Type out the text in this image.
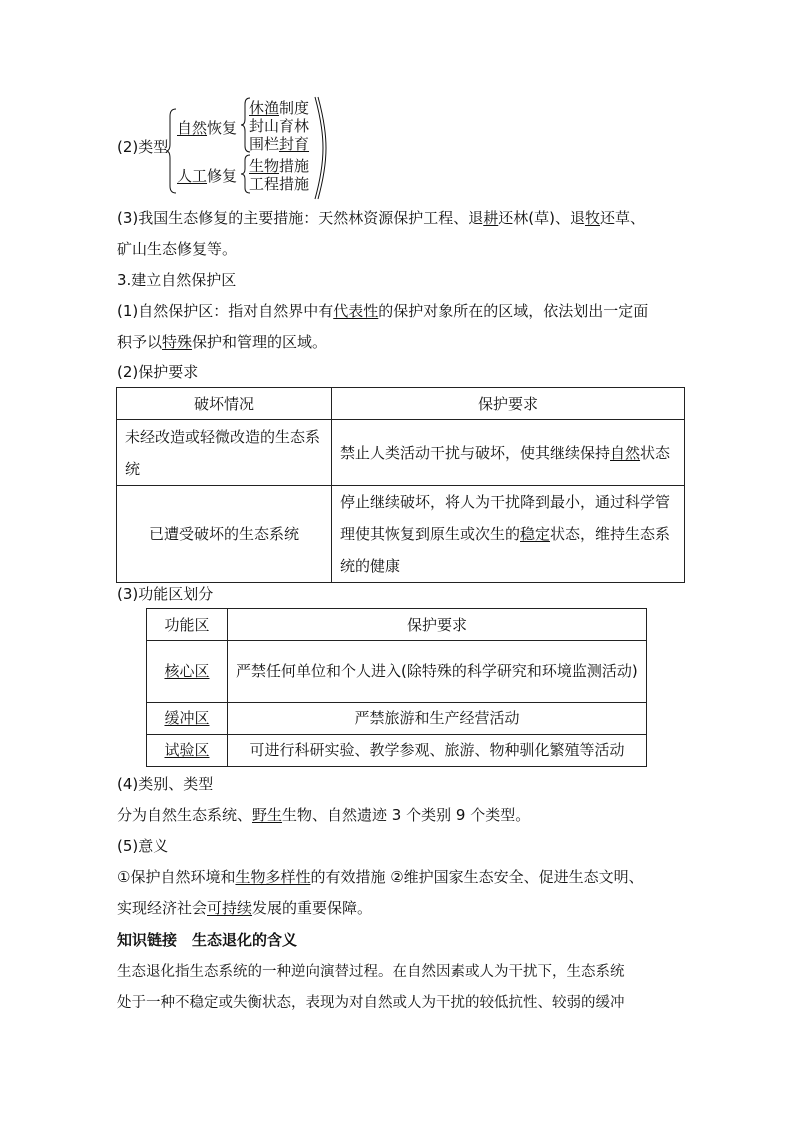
(2)类型
自然恢复
休渔制度
封山育林
围栏封育
人工修复
生物措施
工程措施
(3)我国生态修复的主要措施：天然林资源保护工程、退耕还林(草)、退牧还草、
矿山生态修复等。
3.建立自然保护区
(1)自然保护区：指对自然界中有代表性的保护对象所在的区域，依法划出一定面
积予以特殊保护和管理的区域。
(2)保护要求
破坏情况	保护要求
未经改造或轻微改造的生态系统	禁止人类活动干扰与破坏，使其继续保持自然状态
已遭受破坏的生态系统	停止继续破坏，将人为干扰降到最小，通过科学管理使其恢复到原生或次生的稳定状态，维持生态系统的健康
(3)功能区划分
功能区	保护要求
核心区	严禁任何单位和个人进入(除特殊的科学研究和环境监测活动)
缓冲区	严禁旅游和生产经营活动
试验区	可进行科研实验、教学参观、旅游、物种驯化繁殖等活动
(4)类别、类型
分为自然生态系统、野生生物、自然遗迹 3 个类别 9 个类型。
(5)意义
①保护自然环境和生物多样性的有效措施 ②维护国家生态安全、促进生态文明、
实现经济社会可持续发展的重要保障。
知识链接　生态退化的含义
生态退化指生态系统的一种逆向演替过程。在自然因素或人为干扰下，生态系统
处于一种不稳定或失衡状态，表现为对自然或人为干扰的较低抗性、较弱的缓冲
